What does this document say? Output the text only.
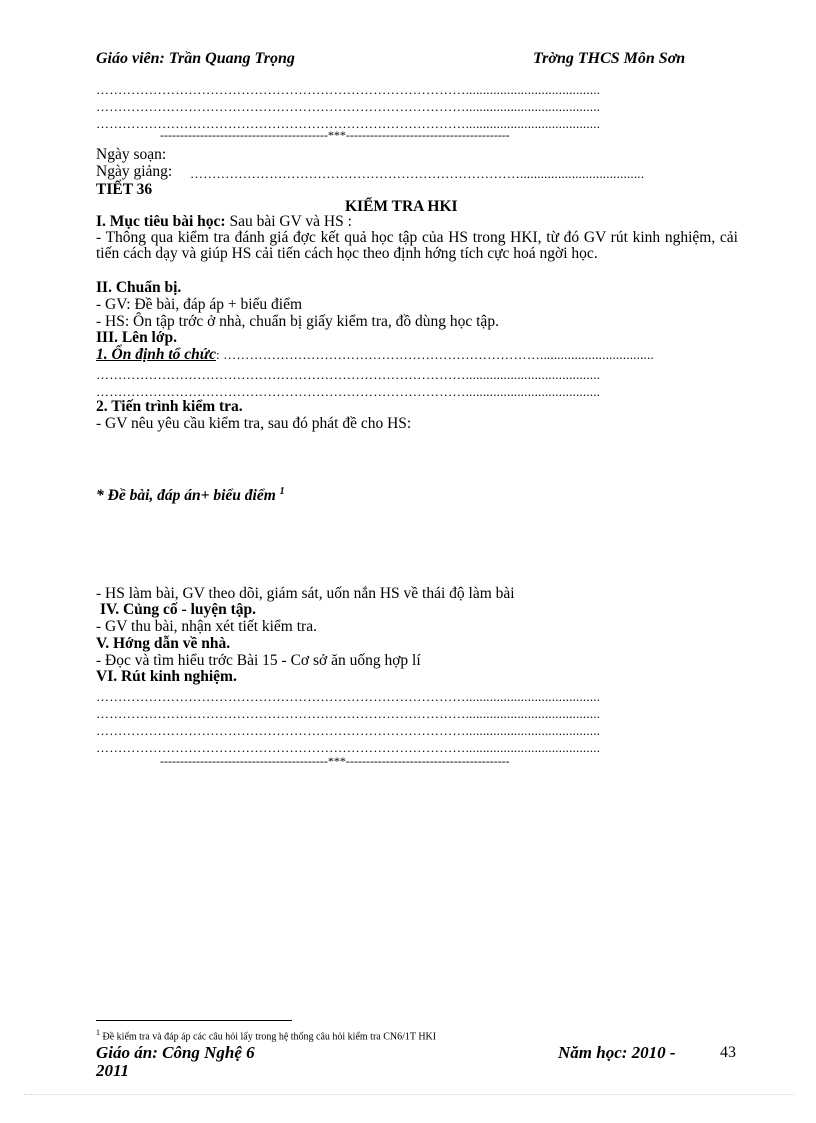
Giáo viên: Trần Quang Trọng	Trờng THCS Môn Sơn
………………………………………………………………………….......................................
………………………………………………………………………….......................................
………………………………………………………………………….......................................
------------------------------------------***-----------------------------------------
Ngày soạn:
Ngày giảng: …………………………………………………………………....................................
TIẾT 36
KIỂM TRA HKI
I. Mục tiêu bài học: Sau bài GV và HS :
- Thông qua kiểm tra đánh giá đợc kết quả học tập của HS trong HKI, từ đó GV rút kinh nghiệm, cải tiến cách dạy và giúp HS cải tiến cách học theo định hớng tích cực hoá ngời học.
II. Chuẩn bị.
- GV: Đề bài, đáp áp + biểu điểm
- HS: Ôn tập trớc ở nhà, chuẩn bị giấy kiểm tra, đồ dùng học tập.
III. Lên lớp.
1. Ổn định tổ chức: ……………………………………………………………….................................
………………………………………………………………………….......................................
………………………………………………………………………….......................................
2. Tiến trình kiểm tra.
- GV nêu yêu cầu kiểm tra, sau đó phát đề cho HS:
* Đề bài, đáp án+ biểu điểm $^1$
- HS làm bài, GV theo dõi, giám sát, uốn nắn HS về thái độ làm bài
IV. Củng cố - luyện tập.
- GV thu bài, nhận xét tiết kiểm tra.
V. Hớng dẫn về nhà.
- Đọc và tìm hiểu trớc Bài 15 - Cơ sở ăn uống hợp lí
VI. Rút kinh nghiệm.
………………………………………………………………………….......................................
………………………………………………………………………….......................................
………………………………………………………………………….......................................
………………………………………………………………………….......................................
------------------------------------------***-----------------------------------------
$^1$ Đề kiểm tra và đáp áp các câu hỏi lấy trong hệ thống câu hỏi kiểm tra CN6/1T HKI
Giáo án: Công Nghệ 6
2011
Năm học: 2010 -	43
